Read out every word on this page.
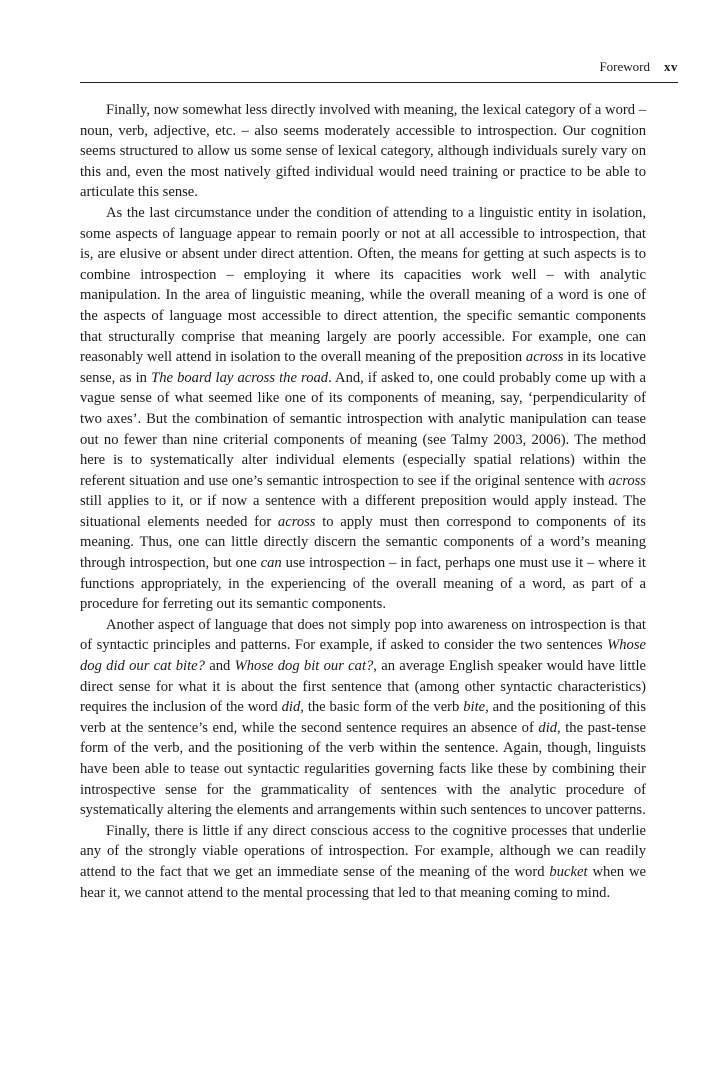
Foreword xv

Finally, now somewhat less directly involved with meaning, the lexical category of a word – noun, verb, adjective, etc. – also seems moderately accessible to introspection. Our cognition seems structured to allow us some sense of lexical category, although individuals surely vary on this and, even the most natively gifted individual would need training or practice to be able to articulate this sense.

As the last circumstance under the condition of attending to a linguistic entity in isolation, some aspects of language appear to remain poorly or not at all accessible to introspection, that is, are elusive or absent under direct attention. Often, the means for getting at such aspects is to combine introspection – employing it where its capacities work well – with analytic manipulation. In the area of linguistic meaning, while the overall meaning of a word is one of the aspects of language most accessible to direct attention, the specific semantic components that structurally comprise that meaning largely are poorly accessible. For example, one can reasonably well attend in isolation to the overall meaning of the preposition across in its locative sense, as in The board lay across the road. And, if asked to, one could probably come up with a vague sense of what seemed like one of its components of meaning, say, ‘perpendicularity of two axes’. But the combination of semantic introspection with analytic manipulation can tease out no fewer than nine criterial components of meaning (see Talmy 2003, 2006). The method here is to systematically alter individual elements (especially spatial relations) within the referent situation and use one’s semantic introspection to see if the original sentence with across still applies to it, or if now a sentence with a different preposition would apply instead. The situational elements needed for across to apply must then correspond to components of its meaning. Thus, one can little directly discern the semantic components of a word’s meaning through introspection, but one can use introspection – in fact, perhaps one must use it – where it functions appropriately, in the experiencing of the overall meaning of a word, as part of a procedure for ferreting out its semantic components.

Another aspect of language that does not simply pop into awareness on introspection is that of syntactic principles and patterns. For example, if asked to consider the two sentences Whose dog did our cat bite? and Whose dog bit our cat?, an average English speaker would have little direct sense for what it is about the first sentence that (among other syntactic characteristics) requires the inclusion of the word did, the basic form of the verb bite, and the positioning of this verb at the sentence’s end, while the second sentence requires an absence of did, the past-tense form of the verb, and the positioning of the verb within the sentence. Again, though, linguists have been able to tease out syntactic regularities governing facts like these by combining their introspective sense for the grammaticality of sentences with the analytic procedure of systematically altering the elements and arrangements within such sentences to uncover patterns.

Finally, there is little if any direct conscious access to the cognitive processes that underlie any of the strongly viable operations of introspection. For example, although we can readily attend to the fact that we get an immediate sense of the meaning of the word bucket when we hear it, we cannot attend to the mental processing that led to that meaning coming to mind.
